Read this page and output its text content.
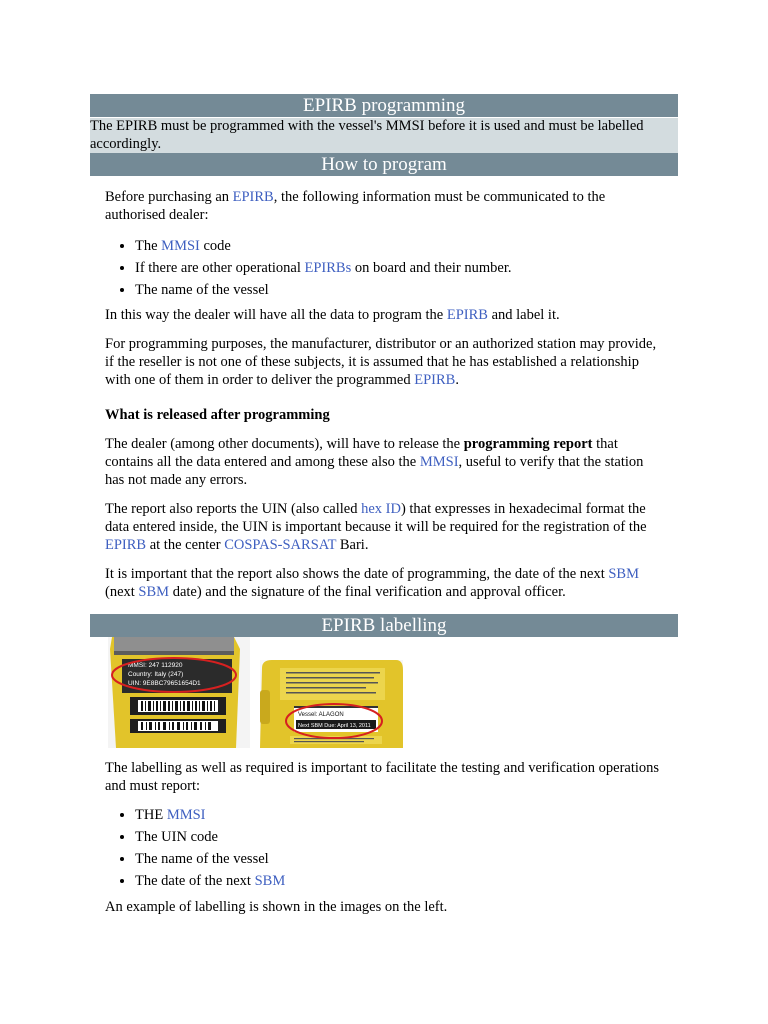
EPIRB programming
The EPIRB must be programmed with the vessel's MMSI before it is used and must be labelled accordingly.
How to program

Before purchasing an EPIRB, the following information must be communicated to the authorised dealer:

• The MMSI code
• If there are other operational EPIRBs on board and their number.
• The name of the vessel

In this way the dealer will have all the data to program the EPIRB and label it.

For programming purposes, the manufacturer, distributor or an authorized station may provide, if the reseller is not one of these subjects, it is assumed that he has established a relationship with one of them in order to deliver the programmed EPIRB.

What is released after programming

The dealer (among other documents), will have to release the programming report that contains all the data entered and among these also the MMSI, useful to verify that the station has not made any errors.

The report also reports the UIN (also called hex ID) that expresses in hexadecimal format the data entered inside, the UIN is important because it will be required for the registration of the EPIRB at the center COSPAS-SARSAT Bari.

It is important that the report also shows the date of programming, the date of the next SBM (next SBM date) and the signature of the final verification and approval officer.

EPIRB labelling
MMSI: 247 112920
Country: Italy (247)
UIN: 9E8BC79651654D1
Vessel: ALAGON
Next SBM Due: April 13, 2011

The labelling as well as required is important to facilitate the testing and verification operations and must report:

• THE MMSI
• The UIN code
• The name of the vessel
• The date of the next SBM

An example of labelling is shown in the images on the left.
